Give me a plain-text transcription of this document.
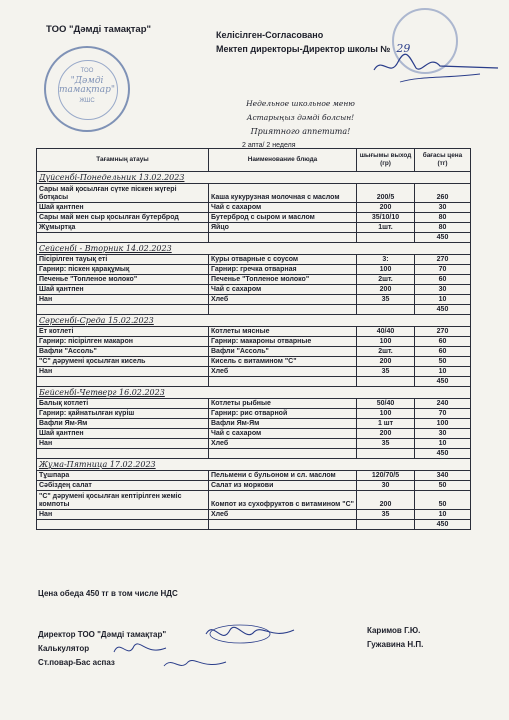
ТОО "Дәмді тамақтар"
ТОО
"Дәмді
тамақтар"
ЖШС
Келісілген-Согласовано
Мектеп директоры-Директор школы № 29
Недельное школьное меню
Астарыңыз дәмді болсын!
Приятного аппетита!
2 апта/ 2 неделя
Тағамның атауы	Наименование блюда	шығымы выход (гр)	бағасы цена (тг)
Дүйсенбі-Понедельник 13.02.2023			
Сары май қосылған сүтке піскен жүгері ботқасы	Каша кукурузная молочная с маслом	200/5	260
Шай қантпен	Чай с сахаром	200	30
Сары май мен сыр қосылған бутерброд	Бутерброд с сыром и маслом	35/10/10	80
Жұмыртқа	Яйцо	1шт.	80
			450
Сейсенбі - Вторник 14.02.2023			
Пісірілген тауық еті	Куры отварные с соусом	3:	270
Гарнир: піскен қарақұмық	Гарнир: гречка отварная	100	70
Печенье "Топленое молоко"	Печенье "Топленое молоко"	2шт.	60
Шай қантпен	Чай с сахаром	200	30
Нан	Хлеб	35	10
			450
Сәрсенбі-Среда 15.02.2023			
Ет котлеті	Котлеты мясные	40/40	270
Гарнир: пісірілген макарон	Гарнир: макароны отварные	100	60
Вафли "Ассоль"	Вафли "Ассоль"	2шт.	60
"С" дәрумені қосылған кисель	Кисель с витамином "С"	200	50
Нан	Хлеб	35	10
			450
Бейсенбі-Четверг 16.02.2023			
Балық котлеті	Котлеты рыбные	50/40	240
Гарнир: қайнатылған күріш	Гарнир: рис отварной	100	70
Вафли Ям-Ям	Вафли Ям-Ям	1 шт	100
Шай қантпен	Чай с сахаром	200	30
Нан	Хлеб	35	10
			450
Жұма-Пятница 17.02.2023			
Тұшпара	Пельмени с бульоном и сл. маслом	120/70/5	340
Сәбіздең салат	Салат из моркови	30	50
"С" дәрумені қосылған кептірілген жеміс компоты	Компот из сухофруктов с витамином "С"	200	50
Нан	Хлеб	35	10
			450
Цена обеда 450 тг в том числе НДС
Директор ТОО "Дәмді тамақтар"
Калькулятор
Ст.повар-Бас аспаз
Каримов Г.Ю.
Гужавина Н.П.
